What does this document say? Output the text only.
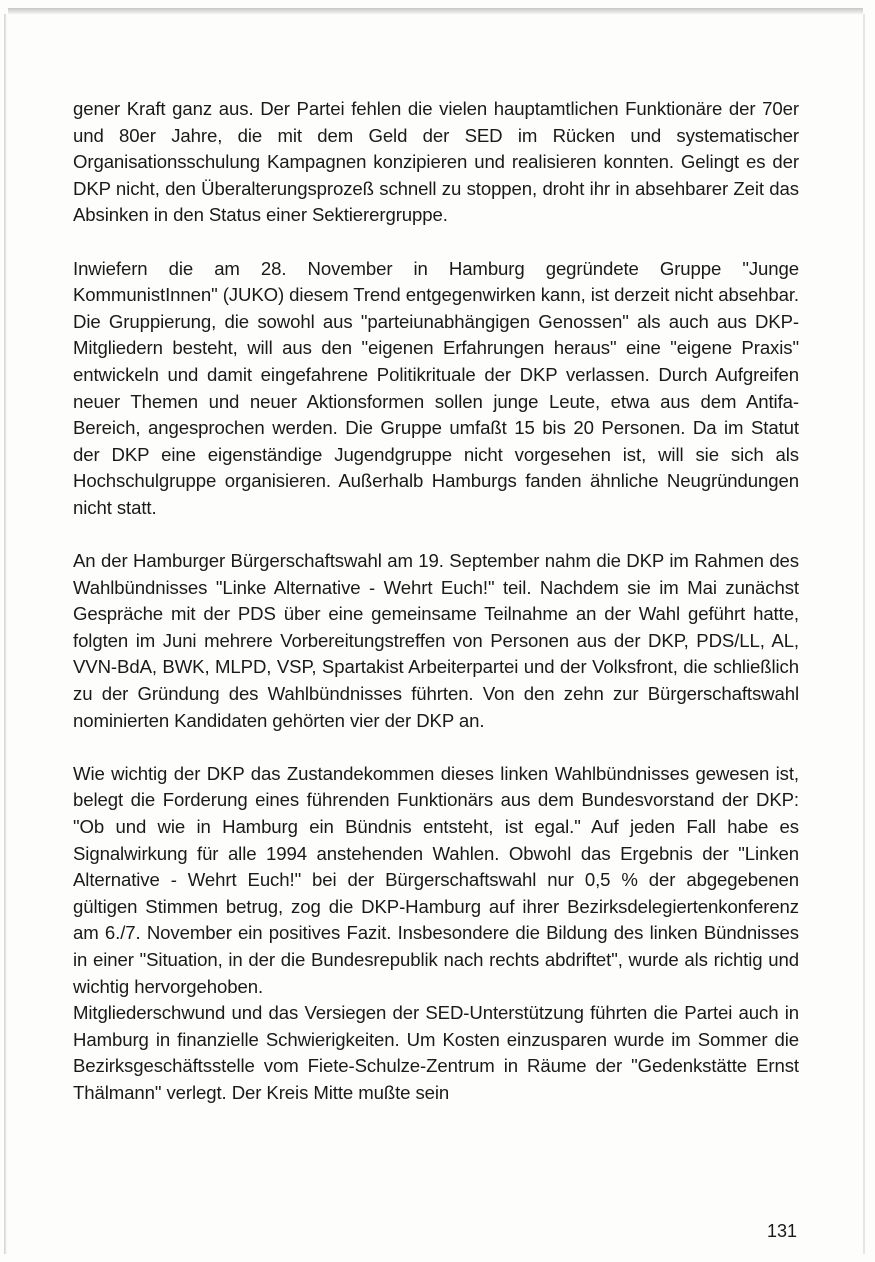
gener Kraft ganz aus. Der Partei fehlen die vielen hauptamtlichen Funktionäre der 70er und 80er Jahre, die mit dem Geld der SED im Rücken und systematischer Organisationsschulung Kampagnen konzipieren und realisieren konnten. Gelingt es der DKP nicht, den Überalterungsprozeß schnell zu stoppen, droht ihr in absehbarer Zeit das Absinken in den Status einer Sektierergruppe.

Inwiefern die am 28. November in Hamburg gegründete Gruppe "Junge KommunistInnen" (JUKO) diesem Trend entgegenwirken kann, ist derzeit nicht absehbar. Die Gruppierung, die sowohl aus "parteiunabhängigen Genossen" als auch aus DKP-Mitgliedern besteht, will aus den "eigenen Erfahrungen heraus" eine "eigene Praxis" entwickeln und damit eingefahrene Politikrituale der DKP verlassen. Durch Aufgreifen neuer Themen und neuer Aktionsformen sollen junge Leute, etwa aus dem Antifa-Bereich, angesprochen werden. Die Gruppe umfaßt 15 bis 20 Personen. Da im Statut der DKP eine eigenständige Jugendgruppe nicht vorgesehen ist, will sie sich als Hochschulgruppe organisieren. Außerhalb Hamburgs fanden ähnliche Neugründungen nicht statt.

An der Hamburger Bürgerschaftswahl am 19. September nahm die DKP im Rahmen des Wahlbündnisses "Linke Alternative - Wehrt Euch!" teil. Nachdem sie im Mai zunächst Gespräche mit der PDS über eine gemeinsame Teilnahme an der Wahl geführt hatte, folgten im Juni mehrere Vorbereitungstreffen von Personen aus der DKP, PDS/LL, AL, VVN-BdA, BWK, MLPD, VSP, Spartakist Arbeiterpartei und der Volksfront, die schließlich zu der Gründung des Wahlbündnisses führten. Von den zehn zur Bürgerschaftswahl nominierten Kandidaten gehörten vier der DKP an.

Wie wichtig der DKP das Zustandekommen dieses linken Wahlbündnisses gewesen ist, belegt die Forderung eines führenden Funktionärs aus dem Bundesvorstand der DKP: "Ob und wie in Hamburg ein Bündnis entsteht, ist egal." Auf jeden Fall habe es Signalwirkung für alle 1994 anstehenden Wahlen. Obwohl das Ergebnis der "Linken Alternative - Wehrt Euch!" bei der Bürgerschaftswahl nur 0,5 % der abgegebenen gültigen Stimmen betrug, zog die DKP-Hamburg auf ihrer Bezirksdelegiertenkonferenz am 6./7. November ein positives Fazit. Insbesondere die Bildung des linken Bündnisses in einer "Situation, in der die Bundesrepublik nach rechts abdriftet", wurde als richtig und wichtig hervorgehoben.

Mitgliederschwund und das Versiegen der SED-Unterstützung führten die Partei auch in Hamburg in finanzielle Schwierigkeiten. Um Kosten einzusparen wurde im Sommer die Bezirksgeschäftsstelle vom Fiete-Schulze-Zentrum in Räume der "Gedenkstätte Ernst Thälmann" verlegt. Der Kreis Mitte mußte sein

131
